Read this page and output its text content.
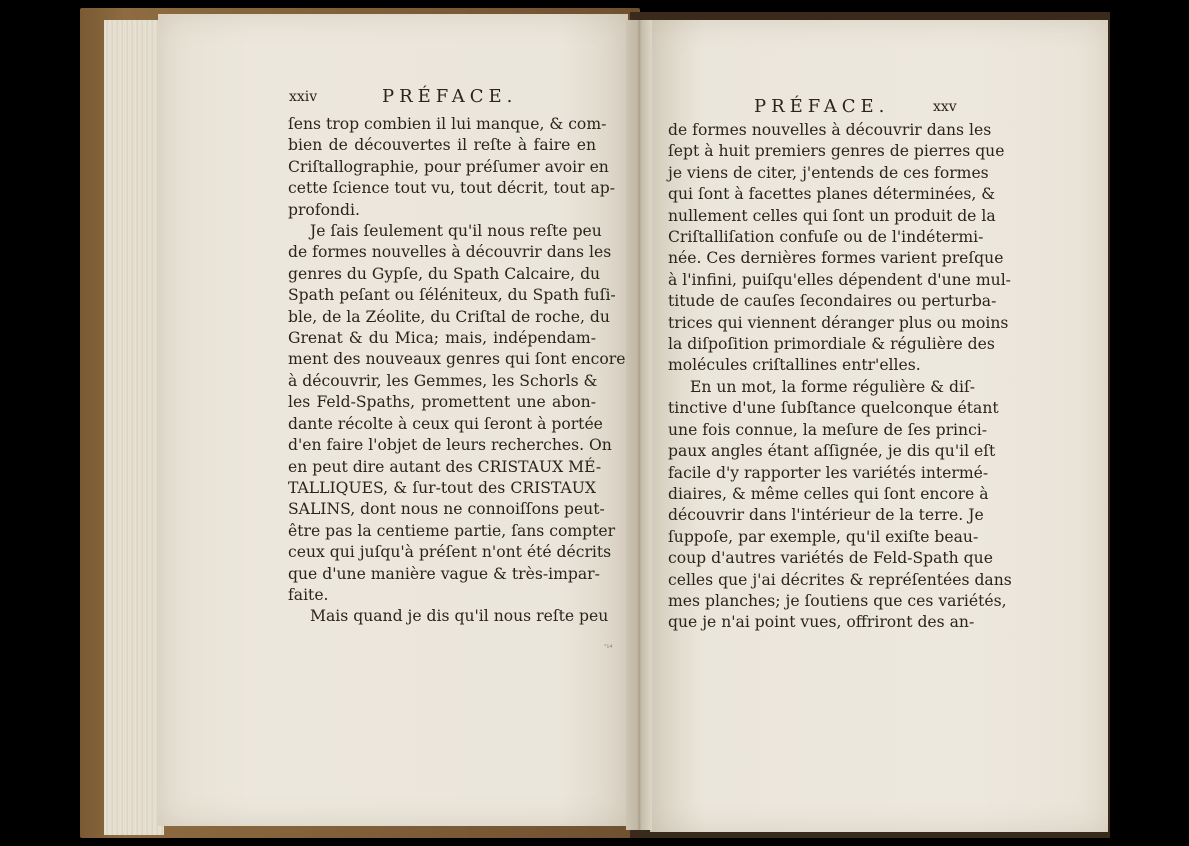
xxiv	PRÉFACE.
ſens trop combien il lui manque, & com-
bien de découvertes il reſte à faire en
Criſtallographie, pour préſumer avoir en
cette ſcience tout vu, tout décrit, tout ap-
profondi.
Je ſais ſeulement qu'il nous reſte peu
de formes nouvelles à découvrir dans les
genres du Gypſe, du Spath Calcaire, du
Spath peſant ou ſéléniteux, du Spath fuſi-
ble, de la Zéolite, du Criſtal de roche, du
Grenat & du Mica; mais, indépendam-
ment des nouveaux genres qui ſont encore
à découvrir, les Gemmes, les Schorls &
les Feld-Spaths, promettent une abon-
dante récolte à ceux qui ſeront à portée
d'en faire l'objet de leurs recherches. On
en peut dire autant des CRISTAUX MÉ-
TALLIQUES, & ſur-tout des CRISTAUX
SALINS, dont nous ne connoiſſons peut-
être pas la centieme partie, ſans compter
ceux qui juſqu'à préſent n'ont été décrits
que d'une manière vague & très-impar-
faite.
Mais quand je dis qu'il nous reſte peu
'¹⁴
PRÉFACE.	xxv
de formes nouvelles à découvrir dans les
ſept à huit premiers genres de pierres que
je viens de citer, j'entends de ces formes
qui ſont à facettes planes déterminées, &
nullement celles qui ſont un produit de la
Criſtalliſation confuſe ou de l'indétermi-
née. Ces dernières formes varient preſque
à l'infini, puiſqu'elles dépendent d'une mul-
titude de cauſes ſecondaires ou perturba-
trices qui viennent déranger plus ou moins
la diſpoſition primordiale & régulière des
molécules criſtallines entr'elles.
En un mot, la forme régulière & diſ-
tinctive d'une ſubſtance quelconque étant
une fois connue, la meſure de ſes princi-
paux angles étant aſſignée, je dis qu'il eſt
facile d'y rapporter les variétés intermé-
diaires, & même celles qui ſont encore à
découvrir dans l'intérieur de la terre. Je
ſuppoſe, par exemple, qu'il exiſte beau-
coup d'autres variétés de Feld-Spath que
celles que j'ai décrites & repréſentées dans
mes planches; je ſoutiens que ces variétés,
que je n'ai point vues, offriront des an-
